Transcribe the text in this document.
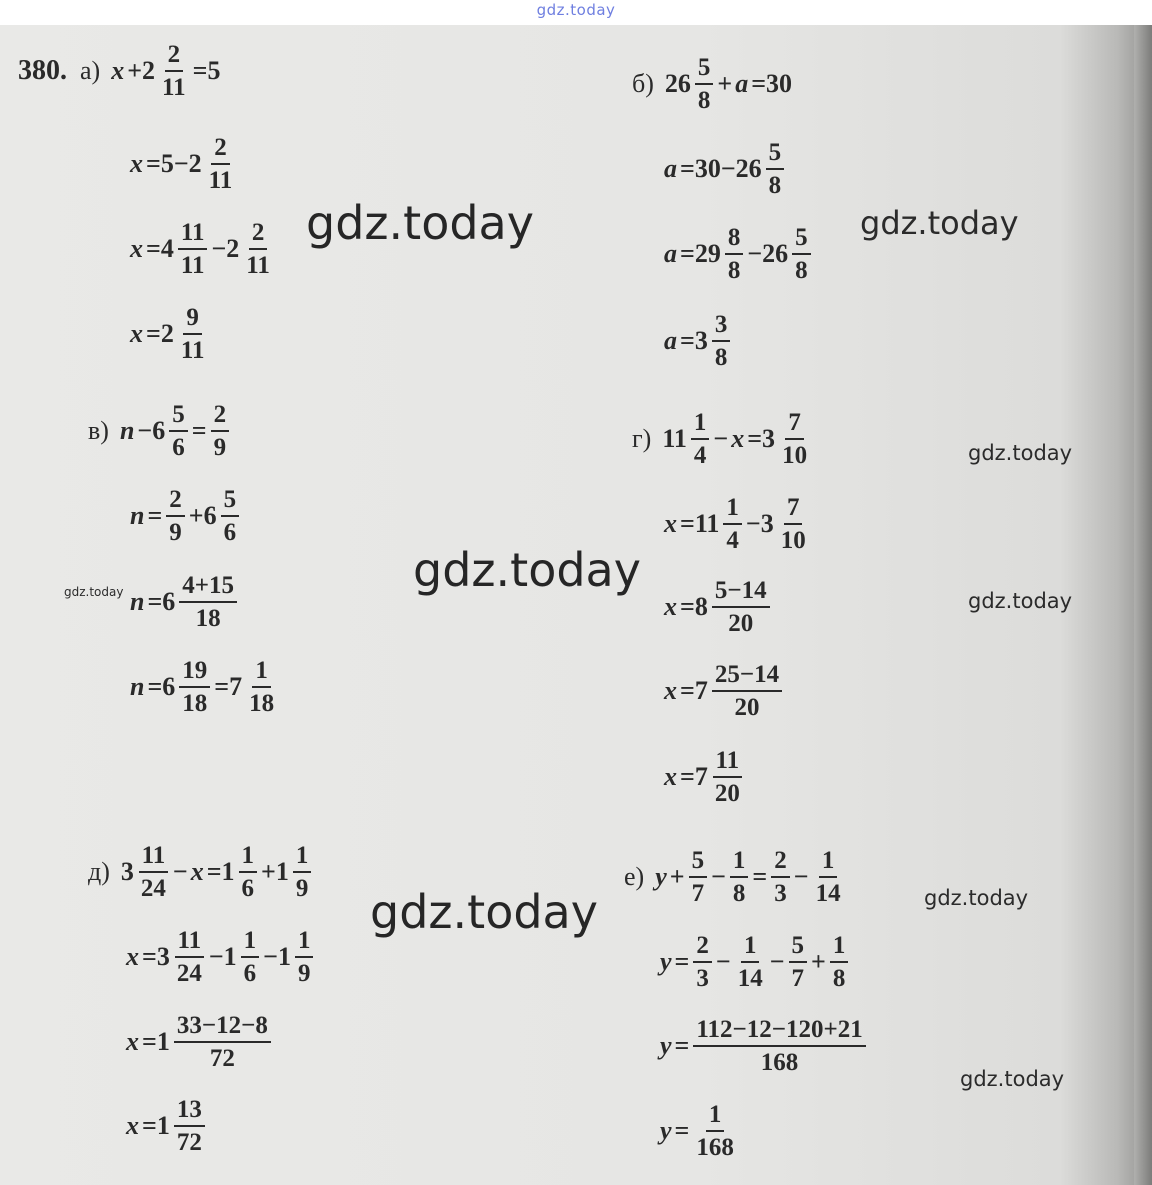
gdz.today
380. а) $x +2 \frac{2}{11} =5$
$x =5-2 \frac{2}{11}$
$x =4 \frac{11}{11} -2 \frac{2}{11}$
$x =2 \frac{9}{11}$
б) $26 \frac{5}{8} + a =30$
$a =30-26 \frac{5}{8}$
$a =29 \frac{8}{8} -26 \frac{5}{8}$
$a =3 \frac{3}{8}$
в) $n -6 \frac{5}{6} = \frac{2}{9}$
$n = \frac{2}{9} +6 \frac{5}{6}$
$n =6 \frac{4+15}{18}$
$n =6 \frac{19}{18} =7 \frac{1}{18}$
г) $11 \frac{1}{4} - x =3 \frac{7}{10}$
$x =11 \frac{1}{4} -3 \frac{7}{10}$
$x =8 \frac{5-14}{20}$
$x =7 \frac{25-14}{20}$
$x =7 \frac{11}{20}$
д) $3 \frac{11}{24} - x =1 \frac{1}{6} +1 \frac{1}{9}$
$x =3 \frac{11}{24} -1 \frac{1}{6} -1 \frac{1}{9}$
$x =1 \frac{33-12-8}{72}$
$x =1 \frac{13}{72}$
е) $y + \frac{5}{7} - \frac{1}{8} = \frac{2}{3} - \frac{1}{14}$
$y = \frac{2}{3} - \frac{1}{14} - \frac{5}{7} + \frac{1}{8}$
$y = \frac{112-12-120+21}{168}$
$y = \frac{1}{168}$
gdz.today	gdz.today
gdz.today
gdz.today
gdz.today	gdz.today
gdz.today	gdz.today
gdz.today
